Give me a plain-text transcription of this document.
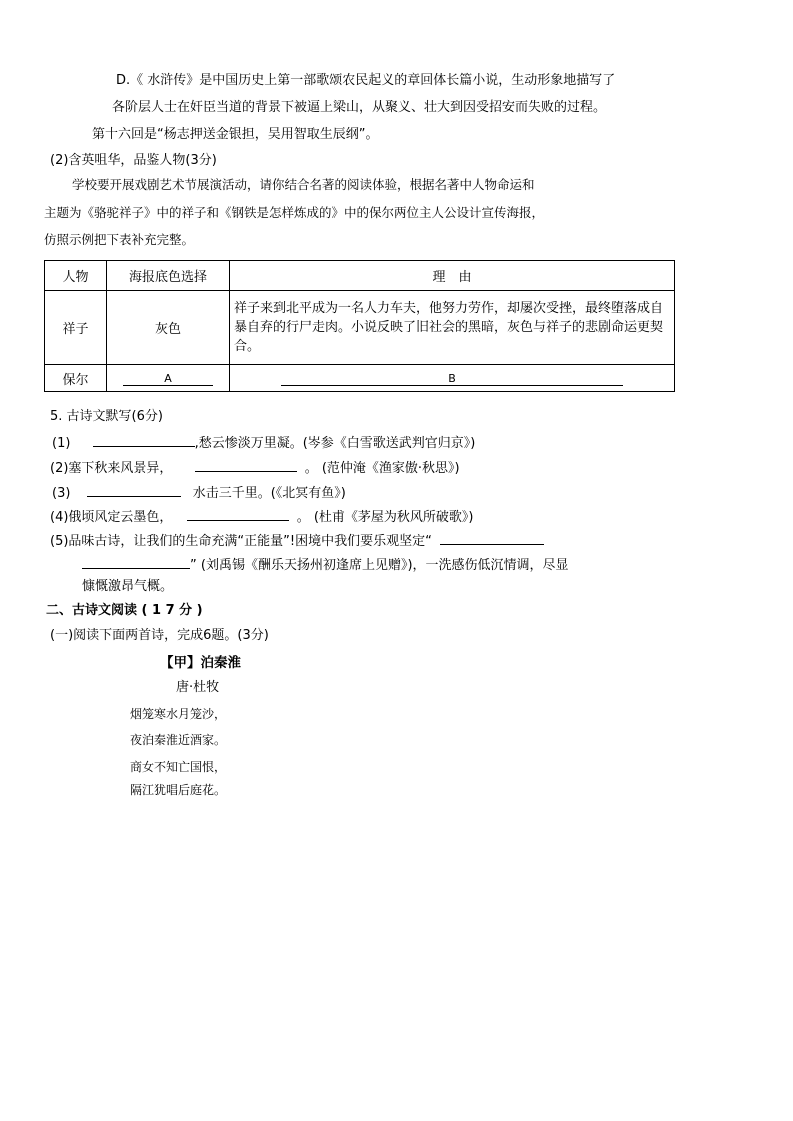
D.《 水浒传》是中国历史上第一部歌颂农民起义的章回体长篇小说，生动形象地描写了
各阶层人士在奸臣当道的背景下被逼上梁山，从聚义、壮大到因受招安而失败的过程。
第十六回是“杨志押送金银担，吴用智取生辰纲”。
(2)含英咀华，品鉴人物(3分)
学校要开展戏剧艺术节展演活动，请你结合名著的阅读体验，根据名著中人物命运和
主题为《骆驼祥子》中的祥子和《钢铁是怎样炼成的》中的保尔两位主人公设计宣传海报，
仿照示例把下表补充完整。
人物	海报底色选择	理　由
祥子	灰色	祥子来到北平成为一名人力车夫，他努力劳作，却屡次受挫，最终堕落成自暴自弃的行尸走肉。小说反映了旧社会的黑暗，灰色与祥子的悲剧命运更契合。
保尔	A	B
5. 古诗文默写(6分)
(1)	,愁云惨淡万里凝。(岑参《白雪歌送武判官归京》)
(2)塞下秋来风景异，	。 (范仲淹《渔家傲·秋思》)
(3)	水击三千里。(《北冥有鱼》)
(4)俄顷风定云墨色，	。 (杜甫《茅屋为秋风所破歌》)
(5)品味古诗，让我们的生命充满“正能量”!困境中我们要乐观坚定“
” (刘禹锡《酬乐天扬州初逢席上见赠》)，一洗感伤低沉情调，尽显
慷慨激昂气概。
二、古诗文阅读 ( 1 7 分 )
(一)阅读下面两首诗，完成6题。(3分)
【甲】泊秦淮
唐·杜牧
烟笼寒水月笼沙，
夜泊秦淮近酒家。
商女不知亡国恨，
隔江犹唱后庭花。
